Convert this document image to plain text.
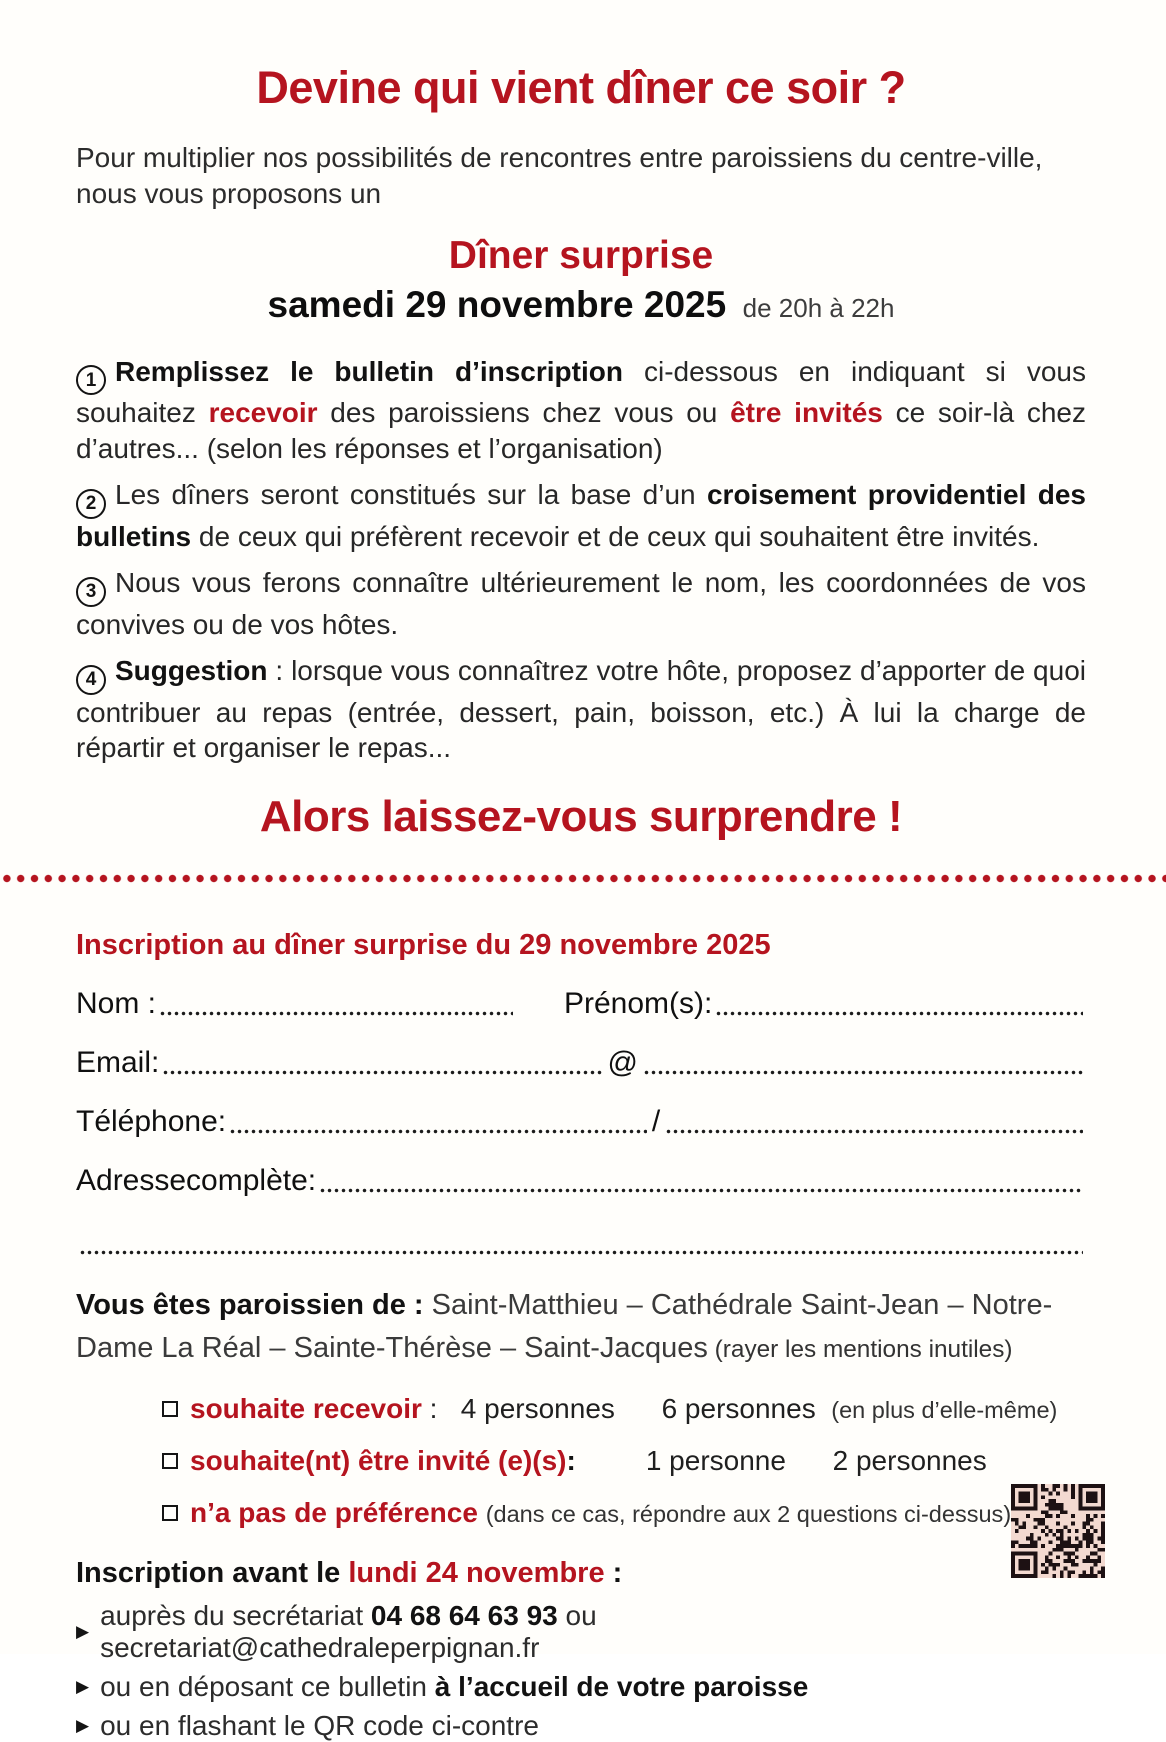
Devine qui vient dîner ce soir ?

Pour multiplier nos possibilités de rencontres entre paroissiens du centre-ville, nous vous proposons un

Dîner surprise
samedi 29 novembre 2025 de 20h à 22h

1 Remplissez le bulletin d’inscription ci-dessous en indiquant si vous souhaitez recevoir des paroissiens chez vous ou être invités ce soir-là chez d’autres... (selon les réponses et l’organisation)

2 Les dîners seront constitués sur la base d’un croisement providentiel des bulletins de ceux qui préfèrent recevoir et de ceux qui souhaitent être invités.

3 Nous vous ferons connaître ultérieurement le nom, les coordonnées de vos convives ou de vos hôtes.

4 Suggestion : lorsque vous connaîtrez votre hôte, proposez d’apporter de quoi contribuer au repas (entrée, dessert, pain, boisson, etc.) À lui la charge de répartir et organiser le repas...

Alors laissez-vous surprendre !
Inscription au dîner surprise du 29 novembre 2025
Nom :	Prénom(s):
Email:	@
Téléphone:	/
Adressecomplète:

Vous êtes paroissien de : Saint-Matthieu – Cathédrale Saint-Jean – Notre-Dame La Réal – Sainte-Thérèse – Saint-Jacques (rayer les mentions inutiles)

souhaite recevoir :   4 personnes 6 personnes (en plus d’elle-même)
souhaite(nt) être invité (e)(s):	1 personne 2 personnes
n’a pas de préférence (dans ce cas, répondre aux 2 questions ci-dessus)

Inscription avant le lundi 24 novembre :

▶
auprès du secrétariat 04 68 64 63 93 ou secretariat@cathedraleperpignan.fr
▶ ou en déposant ce bulletin à l’accueil de votre paroisse
▶ ou en flashant le QR code ci-contre
